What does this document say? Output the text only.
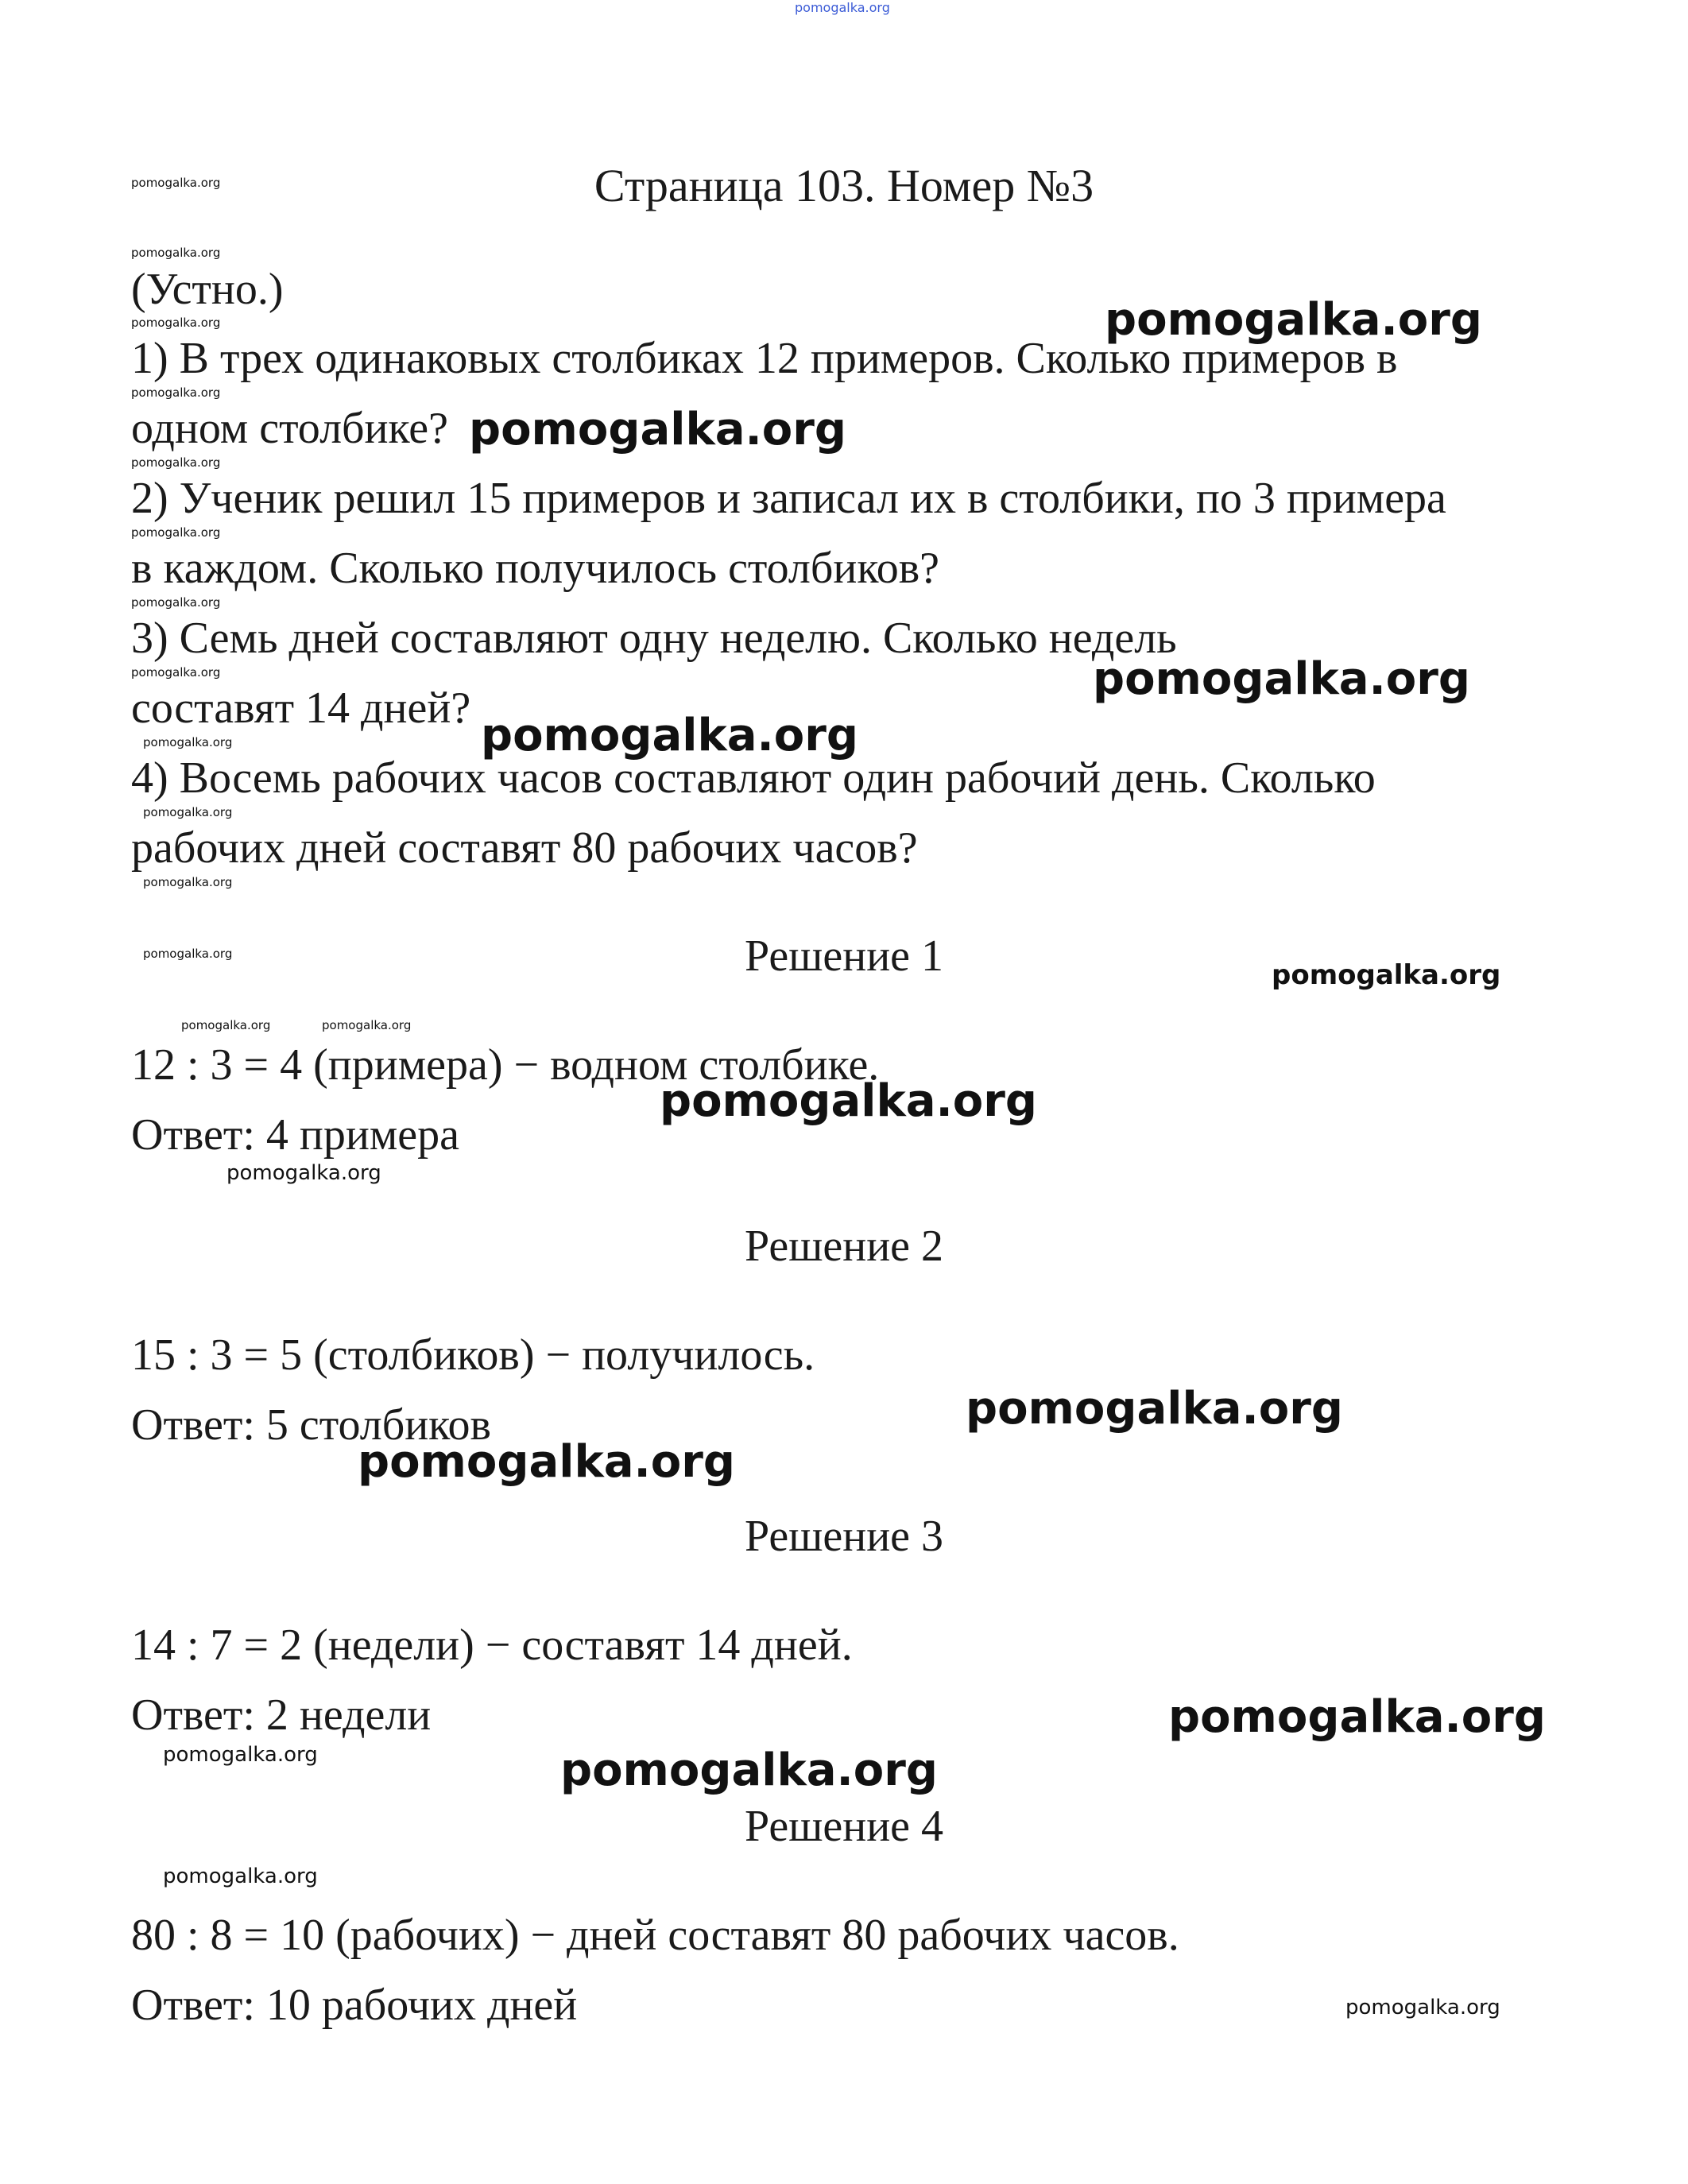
pomogalka.org
Страница 103. Номер №3
pomogalka.org
pomogalka.org
(Устно.)
pomogalka.org
1) В трех одинаковых столбиках 12 примеров. Сколько примеров в
pomogalka.org
одном столбике?
pomogalka.org
2) Ученик решил 15 примеров и записал их в столбики, по 3 примера
pomogalka.org
в каждом. Сколько получилось столбиков?
pomogalka.org
3) Семь дней составляют одну неделю. Сколько недель
pomogalka.org
составят 14 дней?
pomogalka.org
4) Восемь рабочих часов составляют один рабочий день. Сколько
pomogalka.org
рабочих дней составят 80 рабочих часов?
pomogalka.org
pomogalka.org
pomogalka.org
pomogalka.org
pomogalka.org
pomogalka.org	Решение 1	pomogalka.org
pomogalka.org	pomogalka.org
12 : 3 = 4 (примера) − водном столбике.
pomogalka.org
Ответ: 4 примера
pomogalka.org
Решение 2
15 : 3 = 5 (столбиков) − получилось.
pomogalka.org
Ответ: 5 столбиков
pomogalka.org
Решение 3
14 : 7 = 2 (недели) − составят 14 дней.
Ответ: 2 недели	pomogalka.org
pomogalka.org	pomogalka.org
Решение 4
pomogalka.org
80 : 8 = 10 (рабочих) − дней составят 80 рабочих часов.
Ответ: 10 рабочих дней	pomogalka.org
